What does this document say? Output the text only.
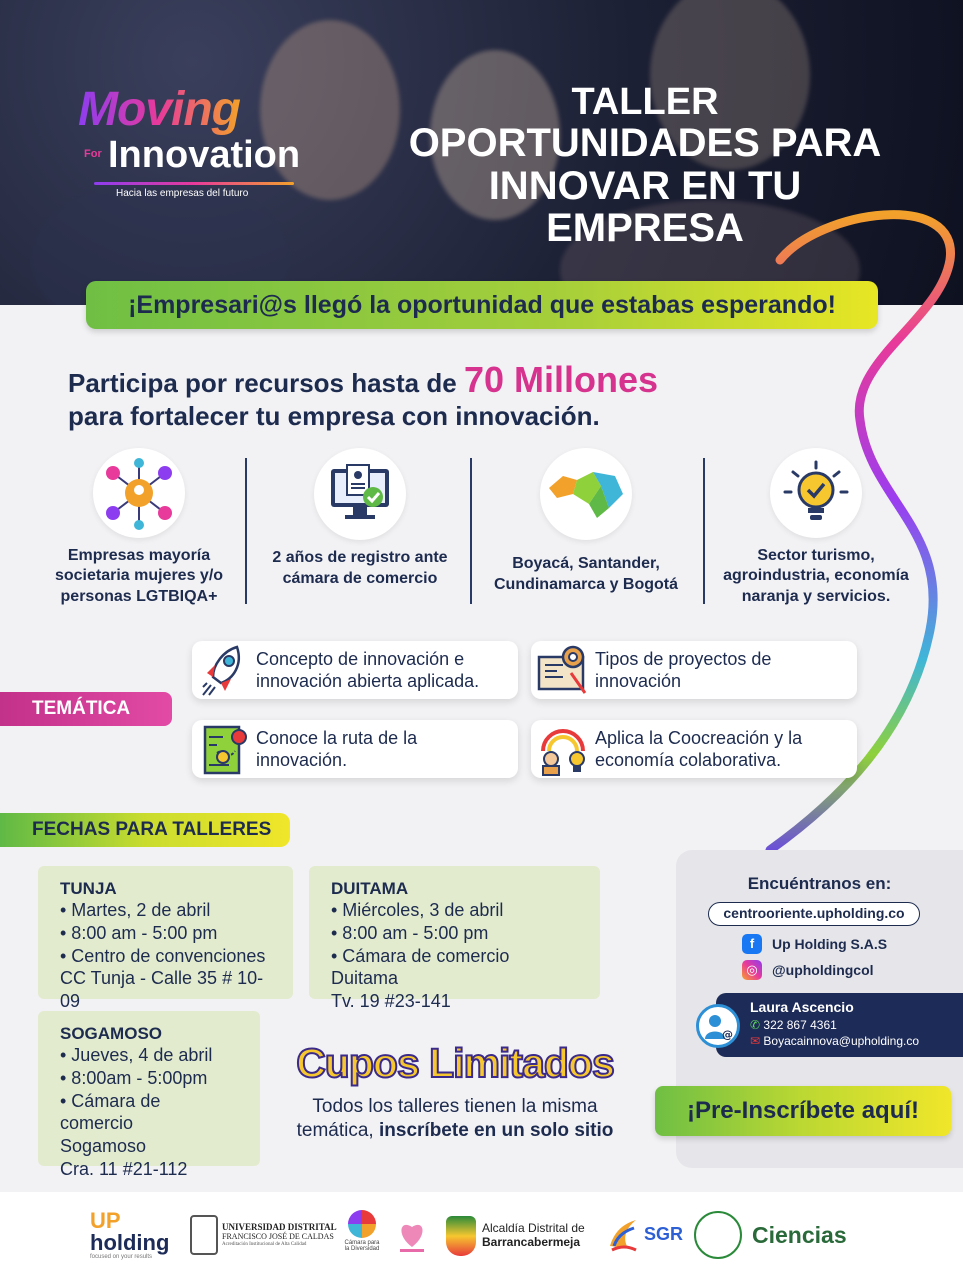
Moving
For Innovation
Hacia las empresas del futuro
TALLER
OPORTUNIDADES PARA
INNOVAR EN TU EMPRESA
¡Empresari@s llegó la oportunidad que estabas esperando!
Participa por recursos hasta de 70 Millones
para fortalecer tu empresa con innovación.
Empresas mayoría societaria mujeres y/o personas LGTBIQA+
2 años de registro ante cámara de comercio
Boyacá, Santander, Cundinamarca y Bogotá
Sector turismo, agroindustria, economía naranja y servicios.
TEMÁTICA
Concepto de innovación e
innovación abierta aplicada.
Tipos de proyectos de
innovación
Conoce la ruta de la
innovación.
Aplica la Coocreación y la
economía colaborativa.
FECHAS PARA TALLERES
TUNJA
• Martes, 2 de abril
• 8:00 am - 5:00 pm
• Centro de convenciones
CC Tunja - Calle 35 # 10-09
DUITAMA
• Miércoles, 3 de abril
• 8:00 am - 5:00 pm
• Cámara de comercio Duitama
Tv. 19 #23-141
SOGAMOSO
• Jueves, 4 de abril
• 8:00am - 5:00pm
• Cámara de comercio
Sogamoso
Cra. 11 #21-112
Cupos Limitados
Todos los talleres tienen la misma
temática, inscríbete en un solo sitio
Encuéntranos en:
centrooriente.upholding.co
f	Up Holding S.A.S
◎	@upholdingcol
Laura Ascencio
✆ 322 867 4361
✉ Boyacainnova@upholding.co
@
¡Pre-Inscríbete aquí!
UP
holding
focused on your results
UNIVERSIDAD DISTRITAL
FRANCISCO JOSÉ DE CALDAS
Acreditación Institucional de Alta Calidad	Cámara para la Diversidad
Alcaldía Distrital de
Barrancabermeja	SGR	Ciencias
